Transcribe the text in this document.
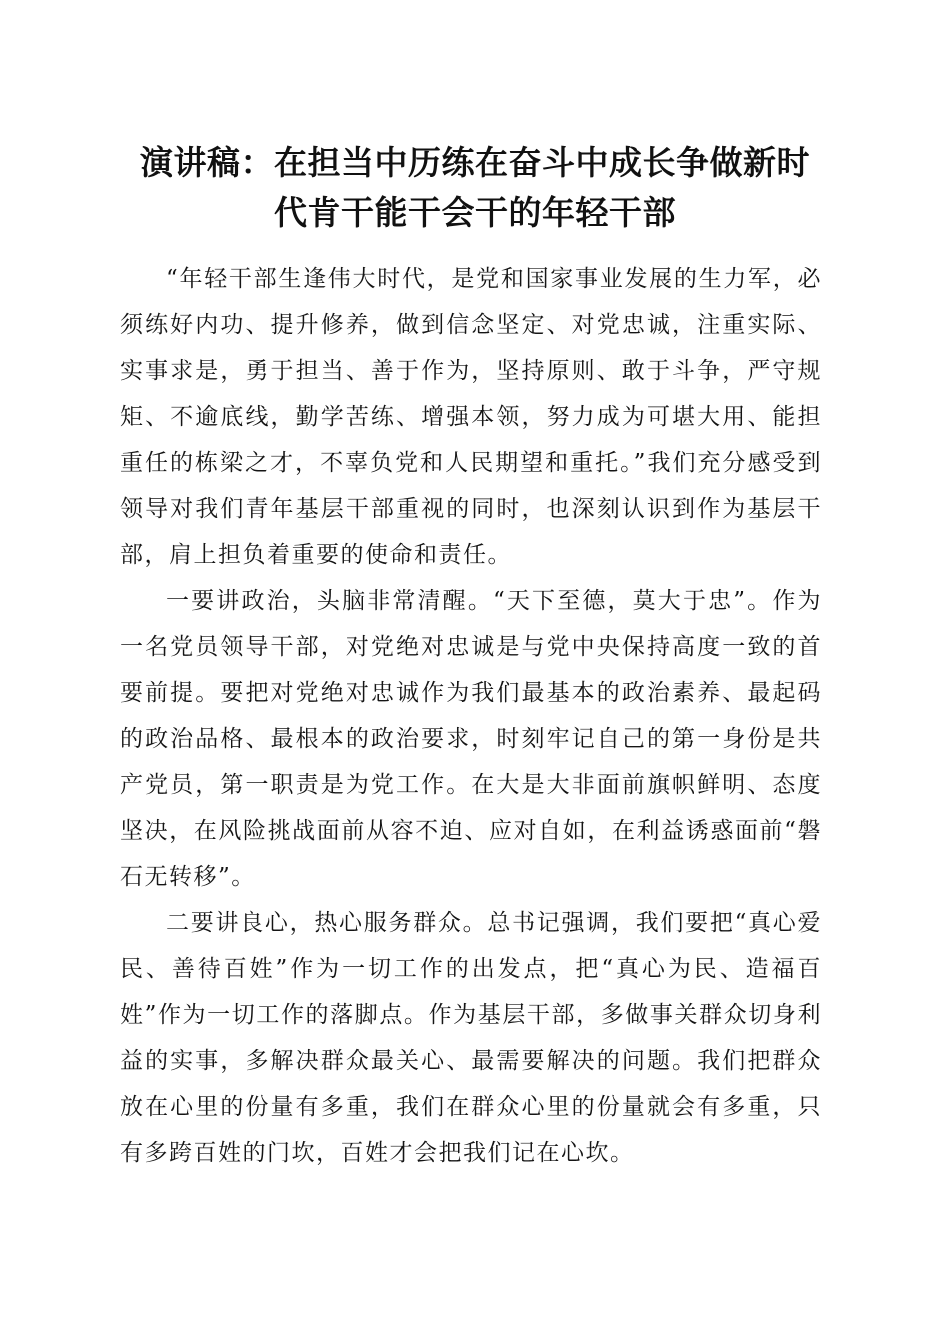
演讲稿：在担当中历练在奋斗中成长争做新时
代肯干能干会干的年轻干部

“年轻干部生逢伟大时代，是党和国家事业发展的生力军，必须练好内功、提升修养，做到信念坚定、对党忠诚，注重实际、实事求是，勇于担当、善于作为，坚持原则、敢于斗争，严守规矩、不逾底线，勤学苦练、增强本领，努力成为可堪大用、能担重任的栋梁之才，不辜负党和人民期望和重托。”我们充分感受到领导对我们青年基层干部重视的同时，也深刻认识到作为基层干部，肩上担负着重要的使命和责任。

一要讲政治，头脑非常清醒。“天下至德，莫大于忠”。作为一名党员领导干部，对党绝对忠诚是与党中央保持高度一致的首要前提。要把对党绝对忠诚作为我们最基本的政治素养、最起码的政治品格、最根本的政治要求，时刻牢记自己的第一身份是共产党员，第一职责是为党工作。在大是大非面前旗帜鲜明、态度坚决，在风险挑战面前从容不迫、应对自如，在利益诱惑面前“磐石无转移”。

二要讲良心，热心服务群众。总书记强调，我们要把“真心爱民、善待百姓”作为一切工作的出发点，把“真心为民、造福百姓”作为一切工作的落脚点。作为基层干部，多做事关群众切身利益的实事，多解决群众最关心、最需要解决的问题。我们把群众放在心里的份量有多重，我们在群众心里的份量就会有多重，只有多跨百姓的门坎，百姓才会把我们记在心坎。
